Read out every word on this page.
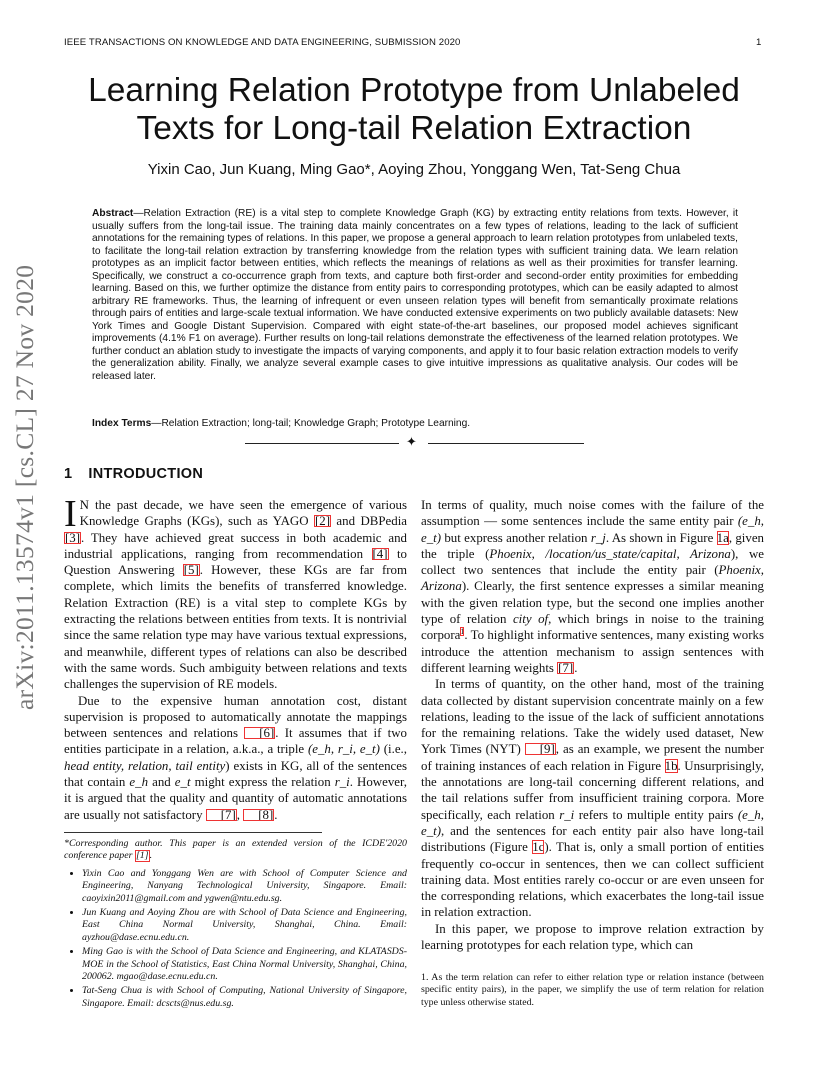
IEEE TRANSACTIONS ON KNOWLEDGE AND DATA ENGINEERING, SUBMISSION 2020	1
Learning Relation Prototype from Unlabeled
Texts for Long-tail Relation Extraction
Yixin Cao, Jun Kuang, Ming Gao*, Aoying Zhou, Yonggang Wen, Tat-Seng Chua
Abstract—Relation Extraction (RE) is a vital step to complete Knowledge Graph (KG) by extracting entity relations from texts. However, it usually suffers from the long-tail issue. The training data mainly concentrates on a few types of relations, leading to the lack of sufficient annotations for the remaining types of relations. In this paper, we propose a general approach to learn relation prototypes from unlabeled texts, to facilitate the long-tail relation extraction by transferring knowledge from the relation types with sufficient training data. We learn relation prototypes as an implicit factor between entities, which reflects the meanings of relations as well as their proximities for transfer learning. Specifically, we construct a co-occurrence graph from texts, and capture both first-order and second-order entity proximities for embedding learning. Based on this, we further optimize the distance from entity pairs to corresponding prototypes, which can be easily adapted to almost arbitrary RE frameworks. Thus, the learning of infrequent or even unseen relation types will benefit from semantically proximate relations through pairs of entities and large-scale textual information. We have conducted extensive experiments on two publicly available datasets: New York Times and Google Distant Supervision. Compared with eight state-of-the-art baselines, our proposed model achieves significant improvements (4.1% F1 on average). Further results on long-tail relations demonstrate the effectiveness of the learned relation prototypes. We further conduct an ablation study to investigate the impacts of varying components, and apply it to four basic relation extraction models to verify the generalization ability. Finally, we analyze several example cases to give intuitive impressions as qualitative analysis. Our codes will be released later.
Index Terms—Relation Extraction; long-tail; Knowledge Graph; Prototype Learning.
✦
1 INTRODUCTION
arXiv:2011.13574v1 [cs.CL] 27 Nov 2020 I N the past decade, we have seen the emergence of various Knowledge Graphs (KGs), such as YAGO [2] and DBPedia [3]. They have achieved great success in both academic and industrial applications, ranging from recommendation [4] to Question Answering [5]. However, these KGs are far from complete, which limits the benefits of transferred knowledge. Relation Extraction (RE) is a vital step to complete KGs by extracting the relations between entities from texts. It is nontrivial since the same relation type may have various textual expressions, and meanwhile, different types of relations can also be described with the same words. Such ambiguity between relations and texts challenges the supervision of RE models.

Due to the expensive human annotation cost, distant supervision is proposed to automatically annotate the mappings between sentences and relations [6]. It assumes that if two entities participate in a relation, a.k.a., a triple (e_h, r_i, e_t) (i.e., head entity, relation, tail entity) exists in KG, all of the sentences that contain e_h and e_t might express the relation r_i. However, it is argued that the quality and quantity of automatic annotations are usually not satisfactory [7], [8].

*Corresponding author. This paper is an extended version of the ICDE'2020 conference paper [1].
• Yixin Cao and Yonggang Wen are with School of Computer Science and Engineering, Nanyang Technological University, Singapore. Email: caoyixin2011@gmail.com and ygwen@ntu.edu.sg.
• Jun Kuang and Aoying Zhou are with School of Data Science and Engineering, East China Normal University, Shanghai, China. Email: ayzhou@dase.ecnu.edu.cn.
• Ming Gao is with the School of Data Science and Engineering, and KLATASDS-MOE in the School of Statistics, East China Normal University, Shanghai, China, 200062. mgao@dase.ecnu.edu.cn.
• Tat-Seng Chua is with School of Computing, National University of Singapore, Singapore. Email: dcscts@nus.edu.sg.

In terms of quality, much noise comes with the failure of the assumption — some sentences include the same entity pair (e_h, e_t) but express another relation r_j. As shown in Figure 1a, given the triple (Phoenix, /location/us_state/capital, Arizona), we collect two sentences that include the entity pair (Phoenix, Arizona). Clearly, the first sentence expresses a similar meaning with the given relation type, but the second one implies another type of relation city of, which brings in noise to the training corpora$^1$. To highlight informative sentences, many existing works introduce the attention mechanism to assign sentences with different learning weights [7].

In terms of quantity, on the other hand, most of the training data collected by distant supervision concentrate mainly on a few relations, leading to the issue of the lack of sufficient annotations for the remaining relations. Take the widely used dataset, New York Times (NYT) [9], as an example, we present the number of training instances of each relation in Figure 1b. Unsurprisingly, the annotations are long-tail concerning different relations, and the tail relations suffer from insufficient training corpora. More specifically, each relation r_i refers to multiple entity pairs (e_h, e_t), and the sentences for each entity pair also have long-tail distributions (Figure 1c). That is, only a small portion of entities frequently co-occur in sentences, then we can collect sufficient training data. Most entities rarely co-occur or are even unseen for the corresponding relations, which exacerbates the long-tail issue in relation extraction.

In this paper, we propose to improve relation extraction by learning prototypes for each relation type, which can

1. As the term relation can refer to either relation type or relation instance (between specific entity pairs), in the paper, we simplify the use of term relation for relation type unless otherwise stated.
